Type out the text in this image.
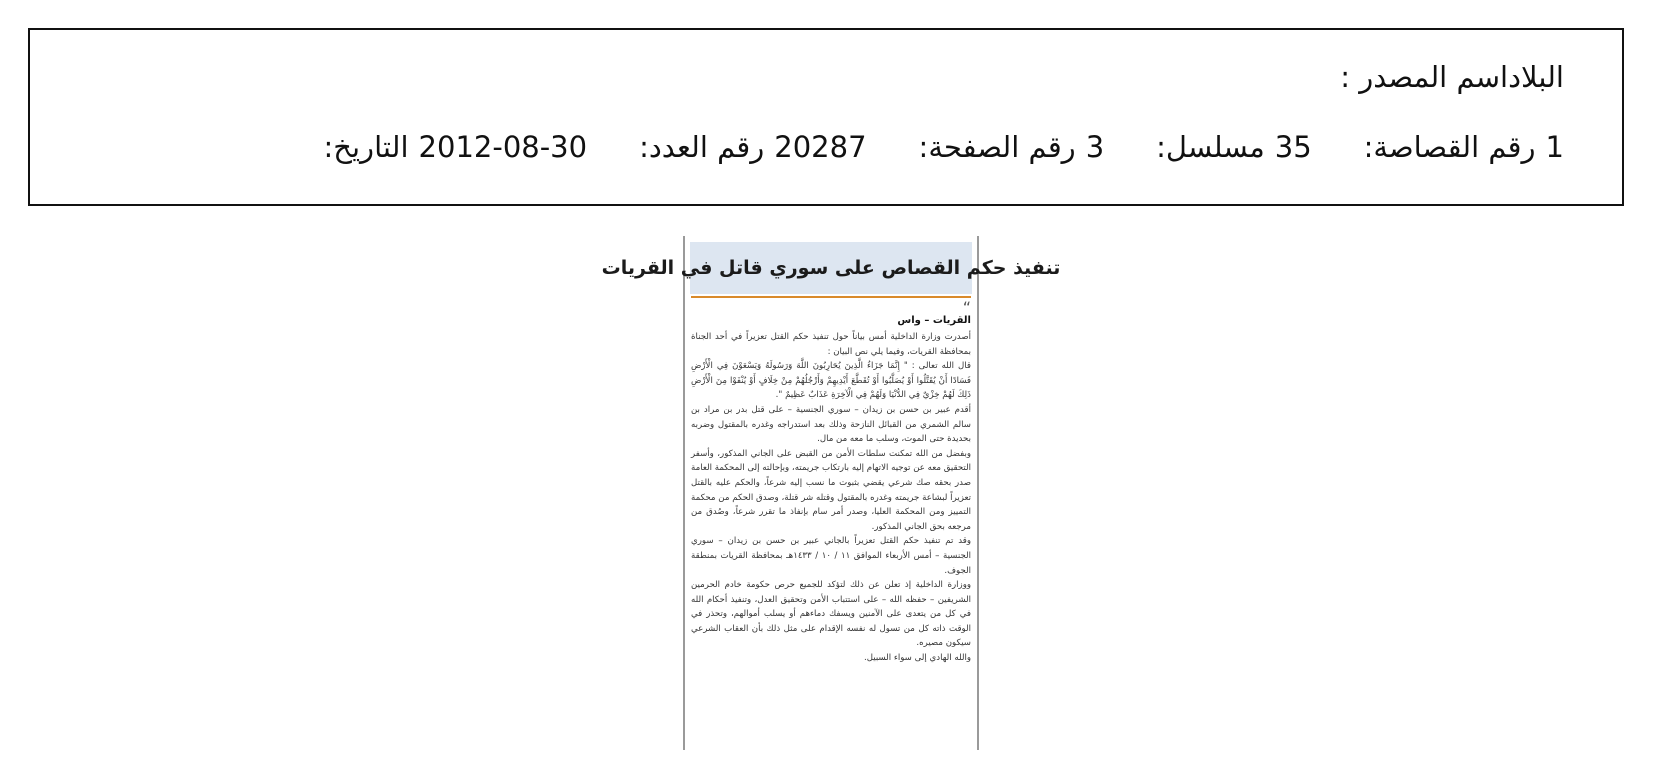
اسم المصدر : البلاد
التاريخ: 2012-08-30 رقم العدد: 20287 رقم الصفحة: 3 مسلسل: 35 رقم القصاصة: 1
تنفيذ حكم القصاص على سوري قاتل في القريات
“
القريات – واس

أصدرت وزارة الداخلية أمس بياناً حول تنفيذ حكم القتل تعزيراً في أحد الجناة بمحافظة القريات، وفيما يلي نص البيان :

قال الله تعالى : " إِنَّمَا جَزَاءُ الَّذِينَ يُحَارِبُونَ اللَّهَ وَرَسُولَهُ وَيَسْعَوْنَ فِي الْأَرْضِ فَسَادًا أَنْ يُقَتَّلُوا أَوْ يُصَلَّبُوا أَوْ تُقَطَّعَ أَيْدِيهِمْ وَأَرْجُلُهُمْ مِنْ خِلَافٍ أَوْ يُنْفَوْا مِنَ الْأَرْضِ ذَلِكَ لَهُمْ خِزْيٌ فِي الدُّنْيَا وَلَهُمْ فِي الْآخِرَةِ عَذَابٌ عَظِيمٌ ".

أقدم عبير بن حسن بن زيدان – سوري الجنسية – على قتل بدر بن مراد بن سالم الشمري من القبائل النازحة وذلك بعد استدراجه وغدره بالمقتول وضربه بحديدة حتى الموت، وسلب ما معه من مال.

وبفضل من الله تمكنت سلطات الأمن من القبض على الجاني المذكور، وأسفر التحقيق معه عن توجيه الاتهام إليه بارتكاب جريمته، وبإحالته إلى المحكمة العامة صدر بحقه صك شرعي يقضي بثبوت ما نسب إليه شرعاً، والحكم عليه بالقتل تعزيراً لبشاعة جريمته وغدره بالمقتول وقتله شر قتلة، وصدق الحكم من محكمة التمييز ومن المحكمة العليا، وصدر أمر سام بإنفاذ ما تقرر شرعاً، وصُدق من مرجعه بحق الجاني المذكور.

وقد تم تنفيذ حكم القتل تعزيراً بالجاني عبير بن حسن بن زيدان – سوري الجنسية – أمس الأربعاء الموافق ١١ / ١٠ / ١٤٣٣هـ بمحافظة القريات بمنطقة الجوف.

ووزارة الداخلية إذ تعلن عن ذلك لتؤكد للجميع حرص حكومة خادم الحرمين الشريفين – حفظه الله – على استتباب الأمن وتحقيق العدل، وتنفيذ أحكام الله في كل من يتعدى على الآمنين ويسفك دماءهم أو يسلب أموالهم، وتحذر في الوقت ذاته كل من تسول له نفسه الإقدام على مثل ذلك بأن العقاب الشرعي سيكون مصيره.

والله الهادي إلى سواء السبيل.
